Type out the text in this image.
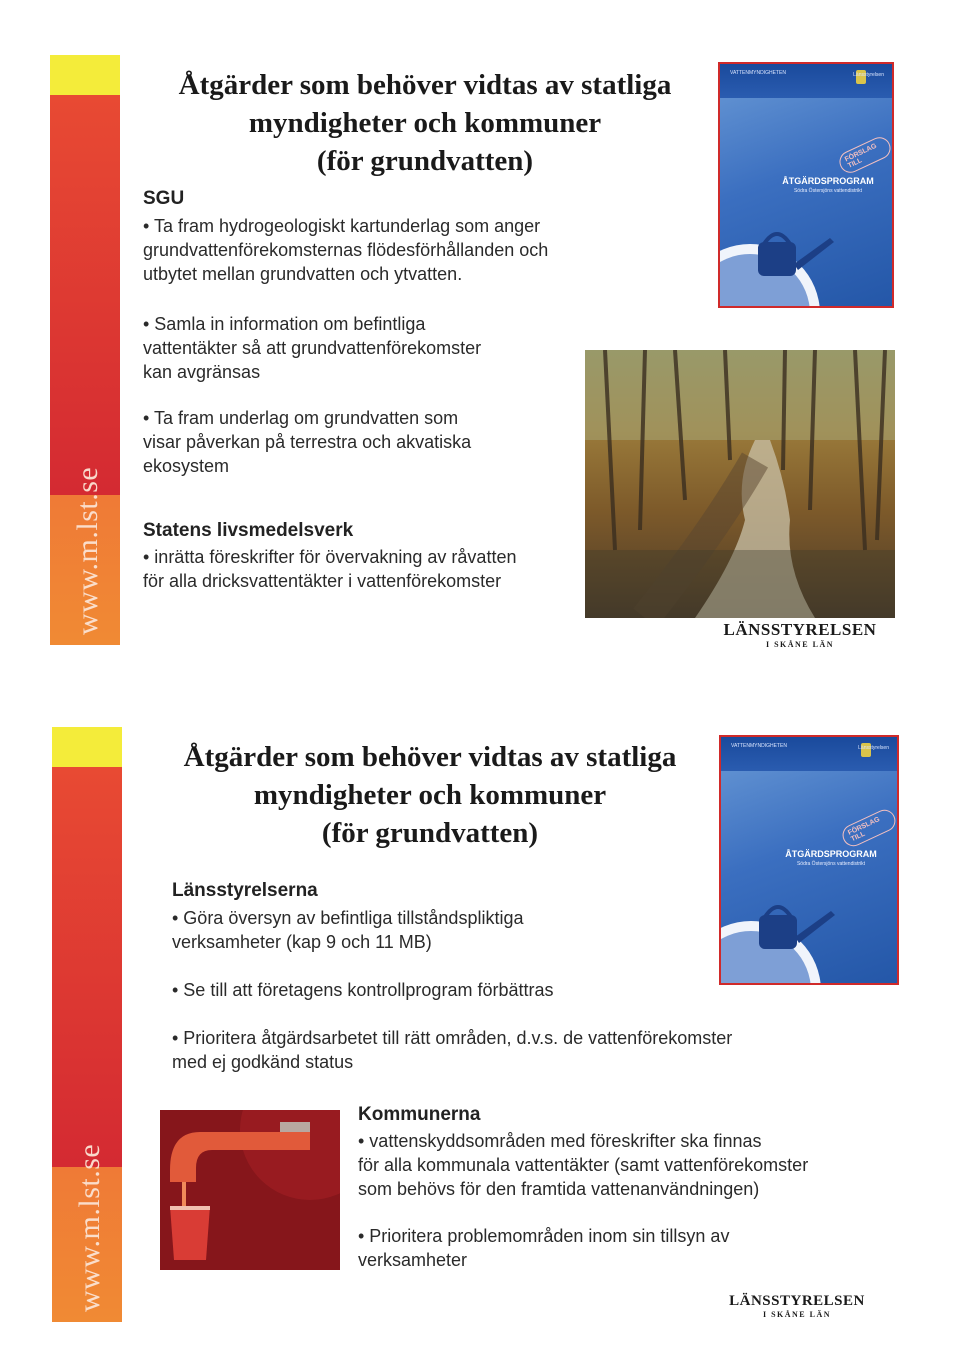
www.m.lst.se
Åtgärder som behöver vidtas av statliga
myndigheter och kommuner
(för grundvatten)
SGU
• Ta fram hydrogeologiskt kartunderlag som anger
grundvattenförekomsternas flödesförhållanden och
utbytet mellan grundvatten och ytvatten.
• Samla in information om befintliga
vattentäkter så att grundvattenförekomster
kan avgränsas
• Ta fram underlag om grundvatten som
visar påverkan på terrestra och akvatiska
ekosystem
Statens livsmedelsverk
• inrätta föreskrifter för övervakning av råvatten
för alla dricksvattentäkter i vattenförekomster
VATTENMYNDIGHETEN	Länsstyrelsen
FÖRSLAG TILL
ÅTGÄRDSPROGRAM
Södra Östersjöns vattendistrikt
LÄNSSTYRELSEN
I SKÅNE LÄN
www.m.lst.se
Åtgärder som behöver vidtas av statliga
myndigheter och kommuner
(för grundvatten)
Länsstyrelserna
• Göra översyn av befintliga tillståndspliktiga
verksamheter (kap 9 och 11 MB)
• Se till att företagens kontrollprogram förbättras
• Prioritera åtgärdsarbetet till rätt områden, d.v.s. de vattenförekomster
med ej godkänd status
VATTENMYNDIGHETEN	Länsstyrelsen
FÖRSLAG TILL
ÅTGÄRDSPROGRAM
Södra Östersjöns vattendistrikt
Kommunerna
• vattenskyddsområden med föreskrifter ska finnas
för alla kommunala vattentäkter (samt vattenförekomster
som behövs för den framtida vattenanvändningen)
• Prioritera problemområden inom sin tillsyn av
verksamheter
LÄNSSTYRELSEN
I SKÅNE LÄN
